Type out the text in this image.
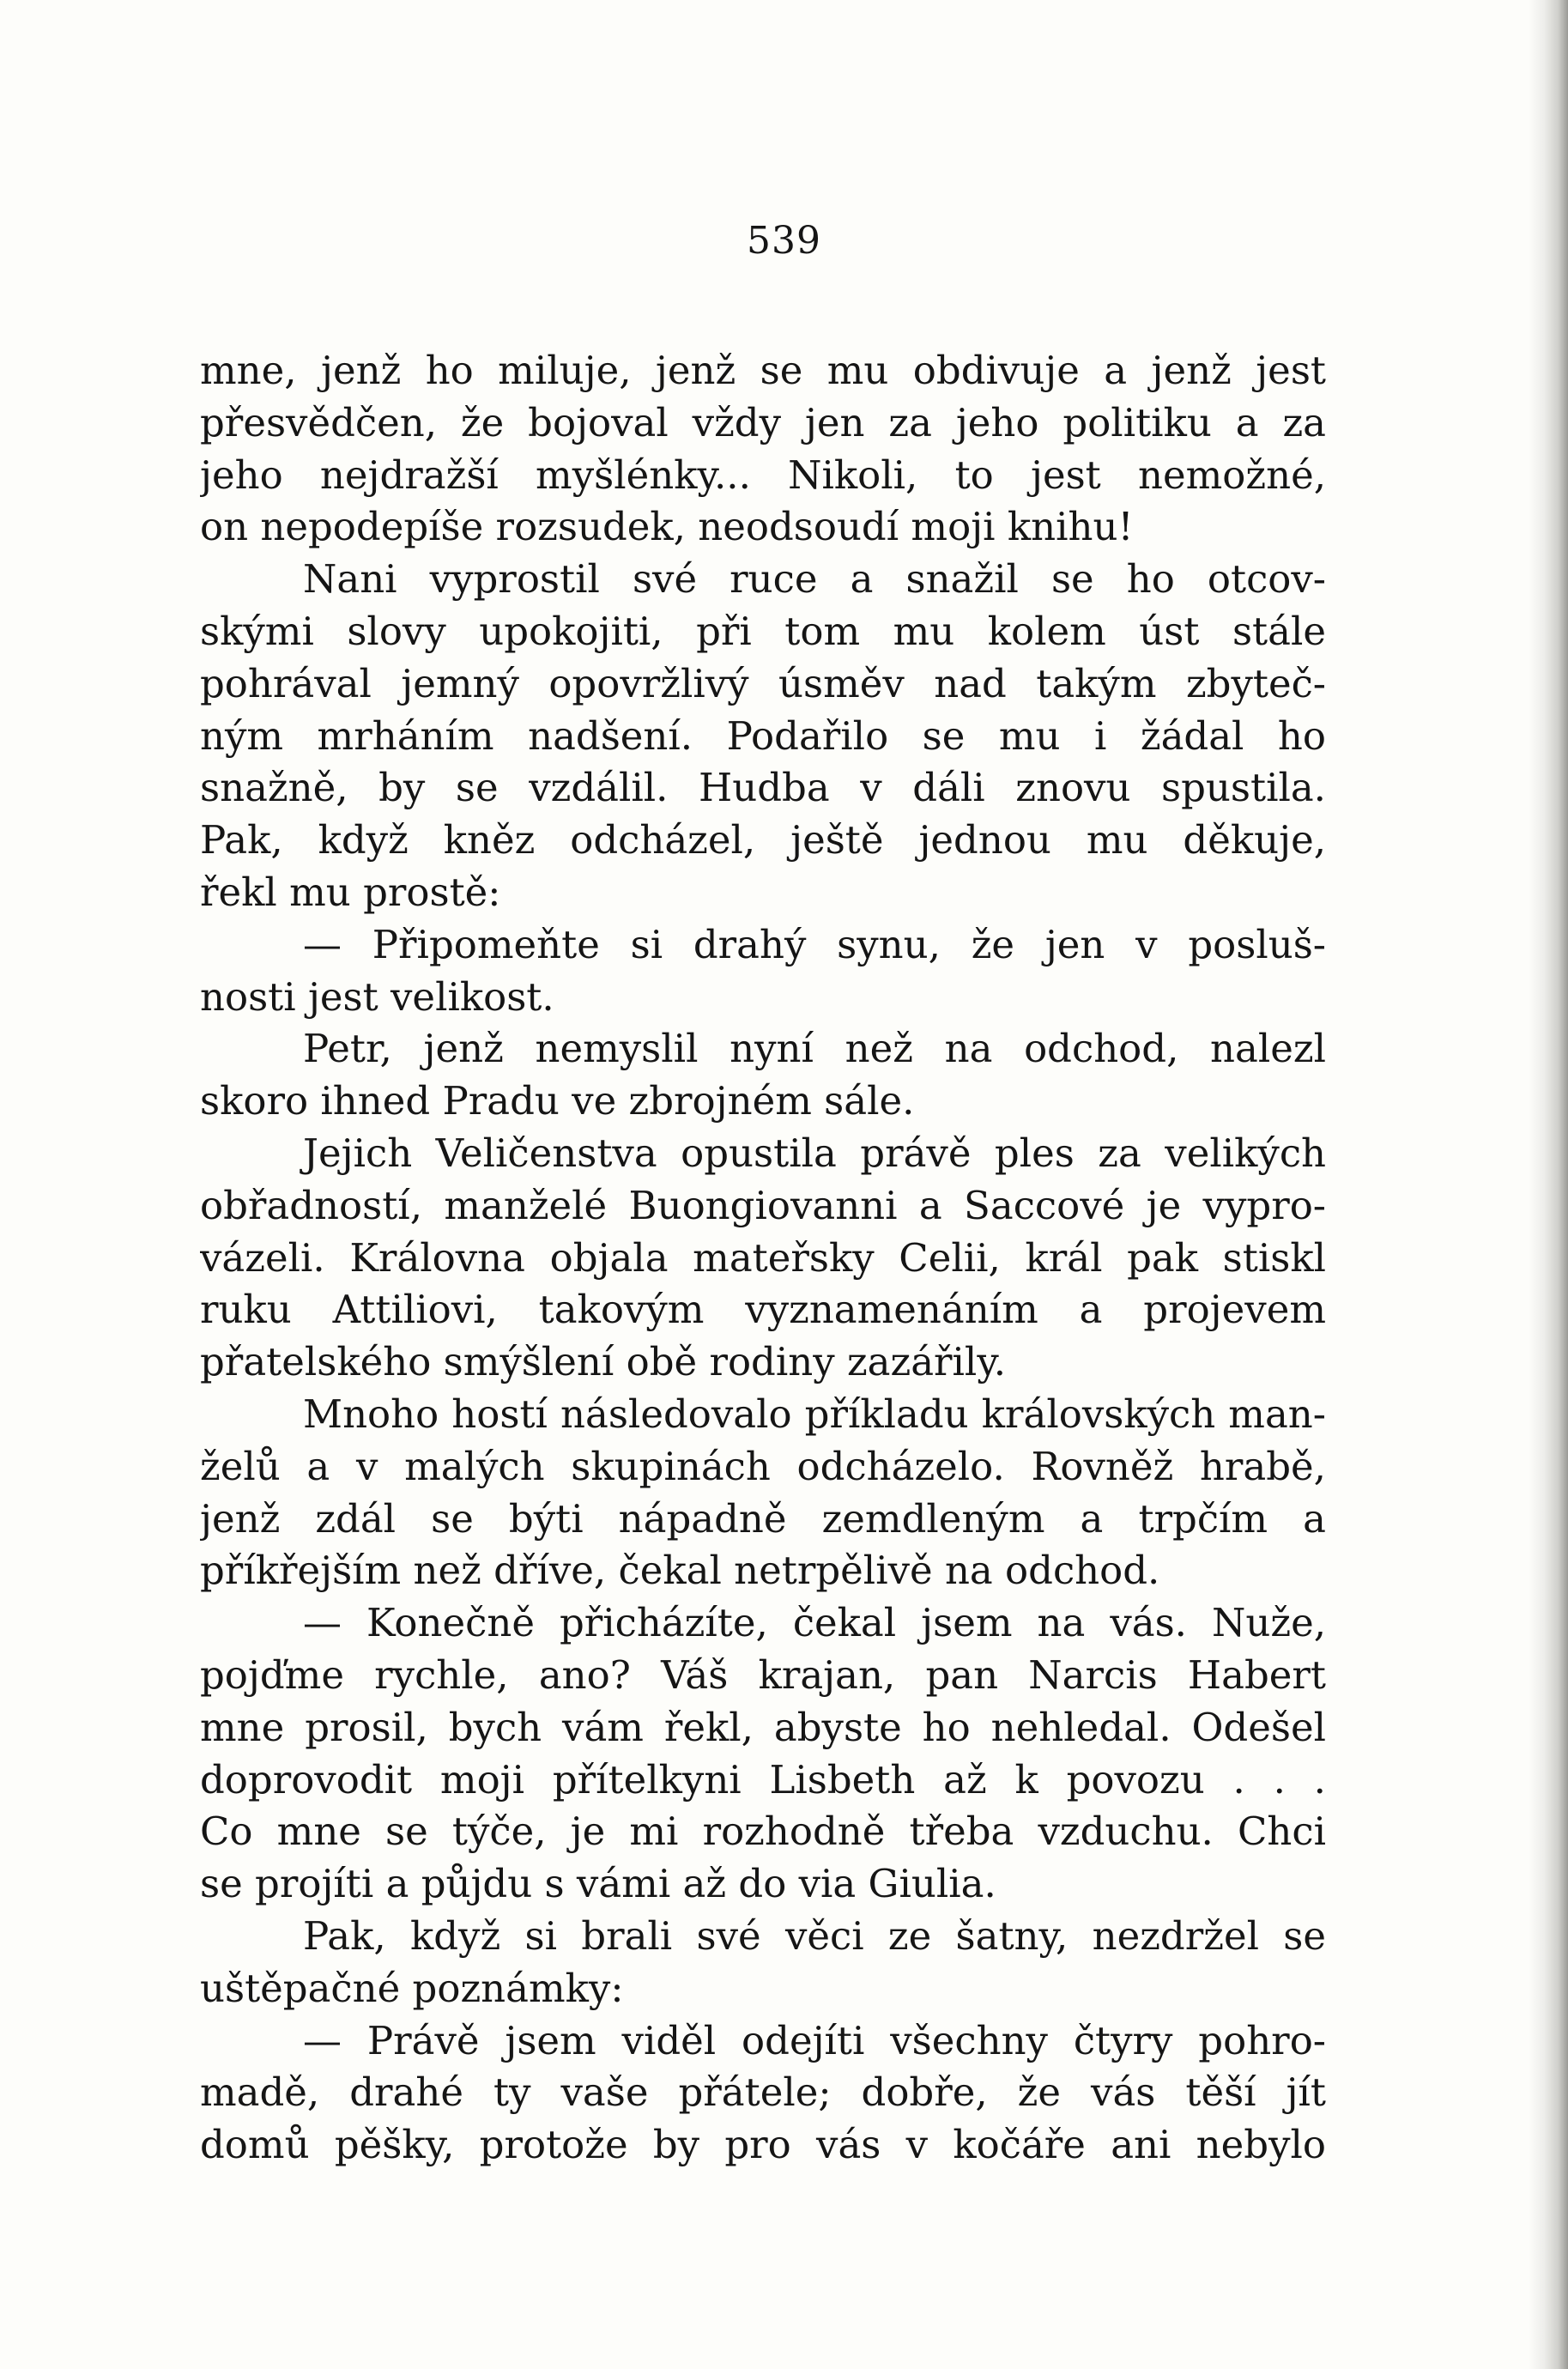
539
mne, jenž ho miluje, jenž se mu obdivuje a jenž jest
přesvědčen, že bojoval vždy jen za jeho politiku a za
jeho nejdražší myšlénky... Nikoli, to jest nemožné,
on nepodepíše rozsudek, neodsoudí moji knihu!
Nani vyprostil své ruce a snažil se ho otcov-
skými slovy upokojiti, při tom mu kolem úst stále
pohrával jemný opovržlivý úsměv nad takým zbyteč-
ným mrháním nadšení. Podařilo se mu i žádal ho
snažně, by se vzdálil. Hudba v dáli znovu spustila.
Pak, když kněz odcházel, ještě jednou mu děkuje,
řekl mu prostě:
— Připomeňte si drahý synu, že jen v posluš-
nosti jest velikost.
Petr, jenž nemyslil nyní než na odchod, nalezl
skoro ihned Pradu ve zbrojném sále.
Jejich Veličenstva opustila právě ples za velikých
obřadností, manželé Buongiovanni a Saccové je vypro-
vázeli. Královna objala mateřsky Celii, král pak stiskl
ruku Attiliovi, takovým vyznamenáním a projevem
přatelského smýšlení obě rodiny zazářily.
Mnoho hostí následovalo příkladu královských man-
želů a v malých skupinách odcházelo. Rovněž hrabě,
jenž zdál se býti nápadně zemdleným a trpčím a
příkřejším než dříve, čekal netrpělivě na odchod.
— Konečně přicházíte, čekal jsem na vás. Nuže,
pojďme rychle, ano? Váš krajan, pan Narcis Habert
mne prosil, bych vám řekl, abyste ho nehledal. Odešel
doprovodit moji přítelkyni Lisbeth až k povozu . . .
Co mne se týče, je mi rozhodně třeba vzduchu. Chci
se projíti a půjdu s vámi až do via Giulia.
Pak, když si brali své věci ze šatny, nezdržel se
uštěpačné poznámky:
— Právě jsem viděl odejíti všechny čtyry pohro-
madě, drahé ty vaše přátele; dobře, že vás těší jít
domů pěšky, protože by pro vás v kočáře ani nebylo
